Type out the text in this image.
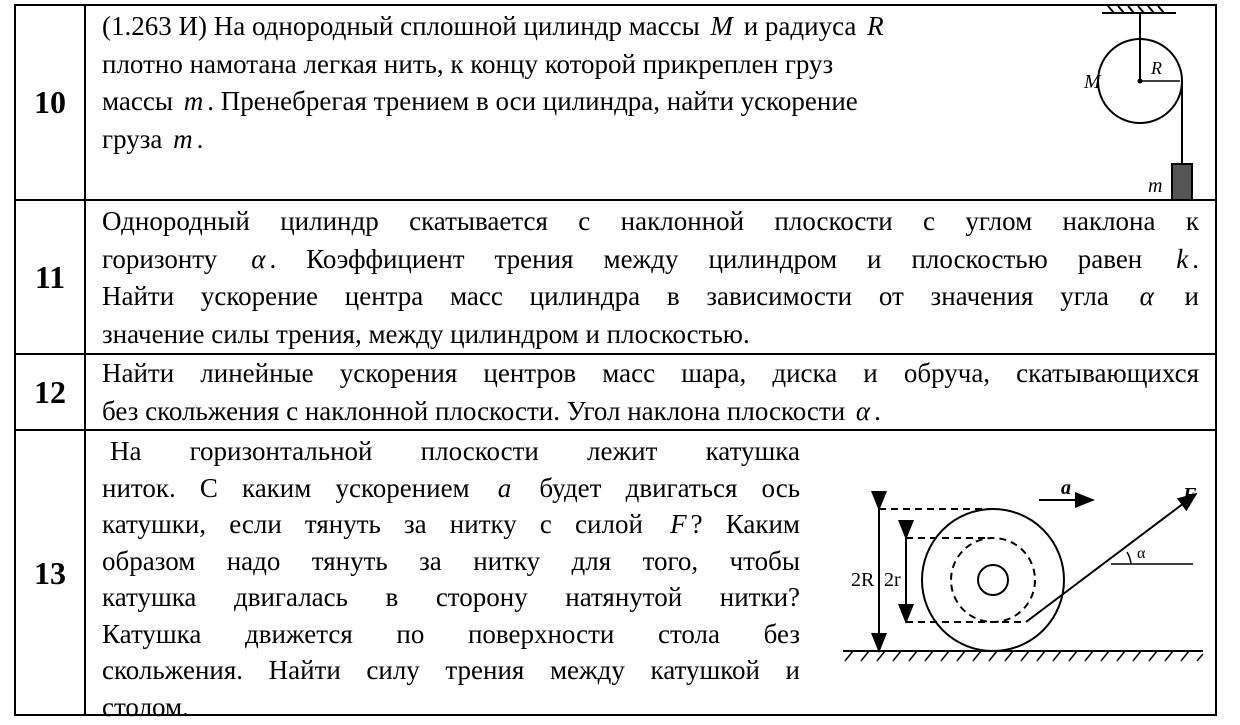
10

(1.263 И) На однородный сплошной цилиндр массы M и радиуса R

плотно намотана легкая нить, к концу которой прикреплен груз

массы m . Пренебрегая трением в оси цилиндра, найти ускорение

груза m .

M
R
m
11

Однородный цилиндр скатывается с наклонной плоскости с углом наклона к

горизонту α . Коэффициент трения между цилиндром и плоскостью равен k .

Найти ускорение центра масс цилиндра в зависимости от значения угла α и

значение силы трения, между цилиндром и плоскостью.

12

Найти линейные ускорения центров масс шара, диска и обруча, скатывающихся

без скольжения с наклонной плоскости. Угол наклона плоскости α .

13

На горизонтальной плоскости лежит катушка

ниток. С каким ускорением a будет двигаться ось

катушки, если тянуть за нитку с силой F ? Каким

образом надо тянуть за нитку для того, чтобы

катушка двигалась в сторону натянутой нитки?

Катушка движется по поверхности стола без

скольжения. Найти силу трения между катушкой и

столом.

F
a
α
2R 2r
